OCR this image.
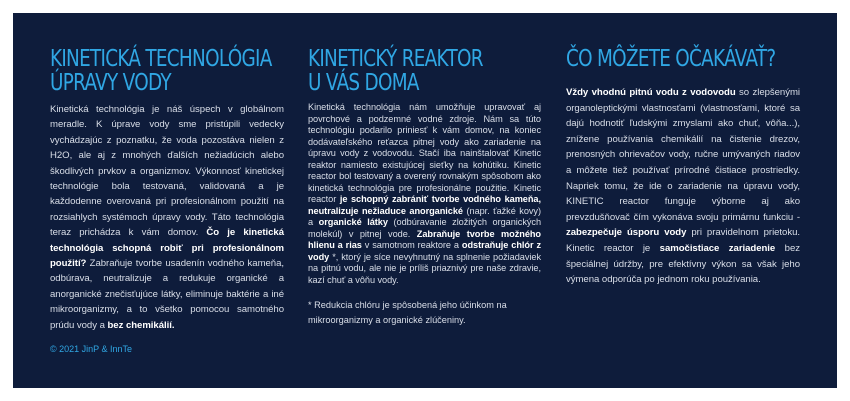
KINETICKÁ TECHNOLÓGIA
ÚPRAVY VODY

Kinetická technológia je náš úspech v globálnom meradle. K úprave vody sme pristúpili vedecky vychádzajúc z poznatku, že voda pozostáva nielen z H2O, ale aj z mnohých ďalších nežiadúcich alebo škodlivých prvkov a organizmov. Výkonnosť kinetickej technológie bola testovaná, validovaná a je každodenne overovaná pri profesionálnom použití na rozsiahlych systémoch úpravy vody. Táto technológia teraz prichádza k vám domov. Čo je kinetická technológia schopná robiť pri profesionálnom použití? Zabraňuje tvorbe usadenín vodného kameňa, odbúrava, neutralizuje a redukuje organické a anorganické znečisťujúce látky, eliminuje baktérie a iné mikroorganizmy, a to všetko pomocou samotného prúdu vody a bez chemikálií.

KINETICKÝ REAKTOR
U VÁS DOMA

Kinetická technológia nám umožňuje upravovať aj povrchové a podzemné vodné zdroje. Nám sa túto technológiu podarilo priniesť k vám domov, na koniec dodávateľského reťazca pitnej vody ako zariadenie na úpravu vody z vodovodu. Stačí iba nainštalovať Kinetic reaktor namiesto existujúcej sieťky na kohútiku. Kinetic reactor bol testovaný a overený rovnakým spôsobom ako kinetická technológia pre profesionálne použitie. Kinetic reactor je schopný zabrániť tvorbe vodného kameňa, neutralizuje nežiaduce anorganické (napr. ťažké kovy) a organické látky (odbúravanie zložitých organických molekúl) v pitnej vode. Zabraňuje tvorbe možného hlienu a rias v samotnom reaktore a odstraňuje chlór z vody *, ktorý je síce nevyhnutný na splnenie požiadaviek na pitnú vodu, ale nie je príliš priaznivý pre naše zdravie, kazí chuť a vôňu vody.

* Redukcia chlóru je spôsobená jeho účinkom na mikroorganizmy a organické zlúčeniny.

ČO MÔŽETE OČAKÁVAŤ?

Vždy vhodnú pitnú vodu z vodovodu so zlepšenými organoleptickými vlastnosťami (vlastnosťami, ktoré sa dajú hodnotiť ľudskými zmyslami ako chuť, vôňa...), znížene používania chemikálií na čistenie drezov, prenosných ohrievačov vody, ručne umývaných riadov a môžete tiež používať prírodné čistiace prostriedky. Napriek tomu, že ide o zariadenie na úpravu vody, KINETIC reactor funguje výborne aj ako prevzdušňovač čím vykonáva svoju primárnu funkciu - zabezpečuje úsporu vody pri pravidelnom prietoku. Kinetic reactor je samočistiace zariadenie bez špeciálnej údržby, pre efektívny výkon sa však jeho výmena odporúča po jednom roku používania.

© 2021 JinP & InnTe
